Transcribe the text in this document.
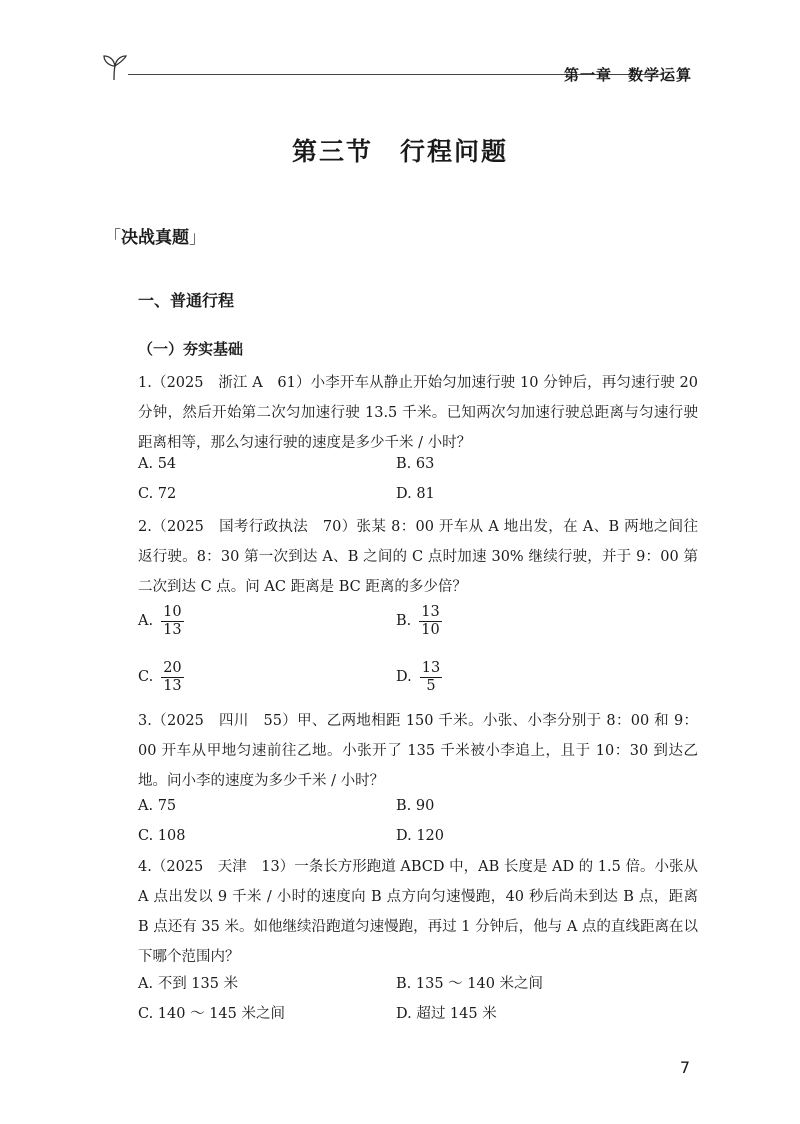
第一章　数学运算
第三节　行程问题
「决战真题」
一、普通行程
（一）夯实基础
1.（2025　浙江 A　61）小李开车从静止开始匀加速行驶 10 分钟后，再匀速行驶 20 分钟，然后开始第二次匀加速行驶 13.5 千米。已知两次匀加速行驶总距离与匀速行驶距离相等，那么匀速行驶的速度是多少千米 / 小时？
A. 54	B. 63
C. 72	D. 81
2.（2025　国考行政执法　70）张某 8：00 开车从 A 地出发，在 A、B 两地之间往返行驶。8：30 第一次到达 A、B 之间的 C 点时加速 30% 继续行驶，并于 9：00 第二次到达 C 点。问 AC 距离是 BC 距离的多少倍？
A. $\frac{10}{13}$	B. $\frac{13}{10}$
C. $\frac{20}{13}$	D. $\frac{13}{5}$
3.（2025　四川　55）甲、乙两地相距 150 千米。小张、小李分别于 8：00 和 9：00 开车从甲地匀速前往乙地。小张开了 135 千米被小李追上，且于 10：30 到达乙地。问小李的速度为多少千米 / 小时？
A. 75	B. 90
C. 108	D. 120
4.（2025　天津　13）一条长方形跑道 ABCD 中，AB 长度是 AD 的 1.5 倍。小张从 A 点出发以 9 千米 / 小时的速度向 B 点方向匀速慢跑，40 秒后尚未到达 B 点，距离 B 点还有 35 米。如他继续沿跑道匀速慢跑，再过 1 分钟后，他与 A 点的直线距离在以下哪个范围内？
A. 不到 135 米	B. 135 ～ 140 米之间
C. 140 ～ 145 米之间	D. 超过 145 米
7
